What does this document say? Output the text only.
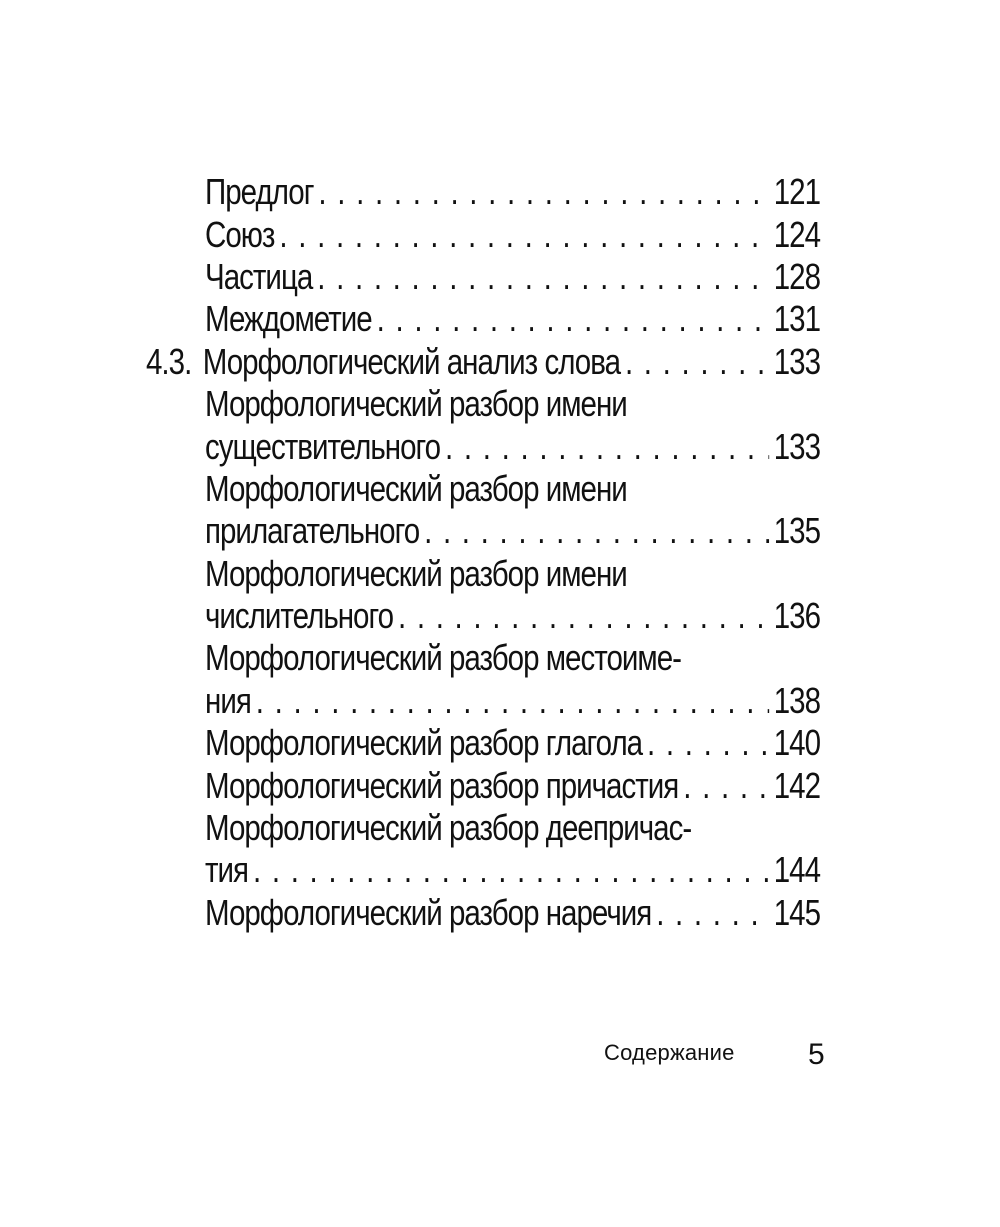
Предлог . . .	121
Союз . . .	124
Частица . . .	128
Междометие . . .	131
4.3. Морфологический анализ слова . . .	133
Морфологический разбор имени
существительного . . .	133
Морфологический разбор имени
прилагательного . . .	135
Морфологический разбор имени
числительного . . .	136
Морфологический разбор местоиме-
ния . . .	138
Морфологический разбор глагола . . .	140
Морфологический разбор причастия . . .	142
Морфологический разбор деепричас-
тия . . .	144
Морфологический разбор наречия . . .	145
Содержание 5
